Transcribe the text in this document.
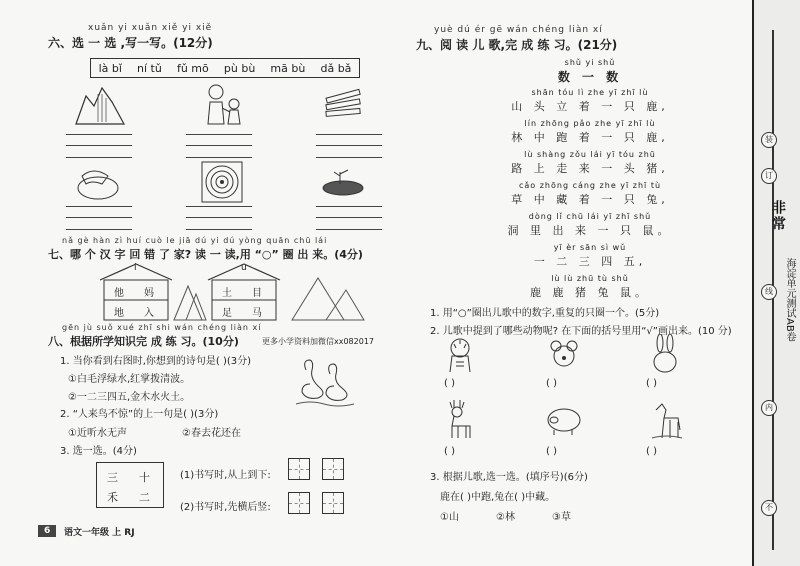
xuǎn yi xuǎn xiě yi xiě
六、选 一 选 ,写一写。(12分)
là bǐ ní tǔ fǔ mō pù bù mā bù dǎ bǎ
nǎ gè hàn zì huí cuò le jiā dú yi dú yòng quān chū lái
七、哪 个 汉 字 回 错 了 家? 读 一 读,用 “○” 圈 出 来。(4分)
i	u
他 妈
地 入
土 目
足 马
gēn jù suǒ xué zhī shi wán chéng liàn xí
八、根据所学知识完 成 练 习。(10分)	更多小学资料加微信xx082017
1. 当你看到右图时,你想到的诗句是( )(3分)
①白毛浮绿水,红掌拨清波。
②一二三四五,金木水火土。
2. “人来鸟不惊”的上一句是( )(3分)
①近听水无声	②春去花还在
3. 选一选。(4分)
三 十
禾 二
(1)书写时,从上到下:
(2)书写时,先横后竖:
6	语文一年级 上 RJ
yuè dú ér gē wán chéng liàn xí
九、阅 读 儿 歌,完 成 练 习。(21分)
shǔ yi shǔ
数 一 数
shān tóu lì zhe yī zhī lù
山 头 立 着 一 只 鹿,
lín zhōng pǎo zhe yī zhī lù
林 中 跑 着 一 只 鹿,
lù shàng zǒu lái yī tóu zhū
路 上 走 来 一 头 猪,
cǎo zhōng cáng zhe yī zhī tù
草 中 藏 着 一 只 兔,
dòng lǐ chū lái yī zhī shǔ
洞 里 出 来 一 只 鼠。
yī èr sān sì wǔ
一 二 三 四 五,
lù lù zhū tù shǔ
鹿 鹿 猪 兔 鼠。
1. 用“○”圈出儿歌中的数字,重复的只圈一个。(5分)
2. 儿歌中提到了哪些动物呢? 在下面的括号里用“√”画出来。(10 分)
( )	( )	( )
( )	( )	( )
3. 根据儿歌,选一选。(填序号)(6分)
鹿在( )中跑,兔在( )中藏。
①山	②林	③草
装
订
线
内
不
非常
海淀单元测试AB卷
